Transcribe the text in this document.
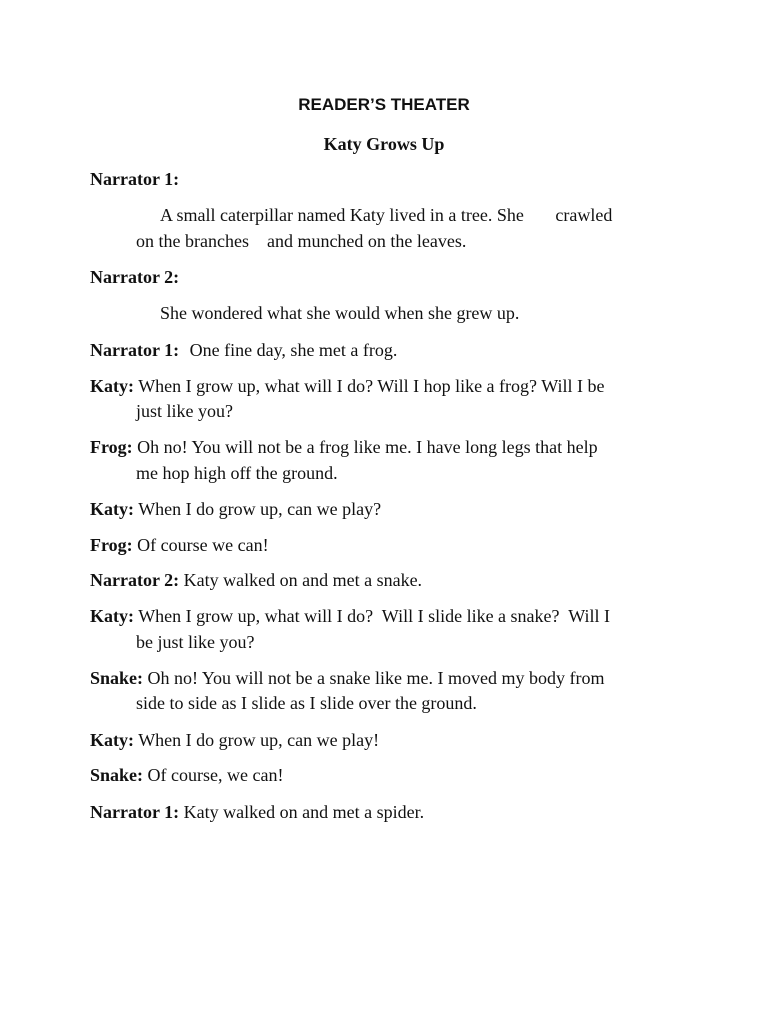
READER’S THEATER
Katy Grows Up
Narrator 1:
A small caterpillar named Katy lived in a tree. She       crawled
on the branches    and munched on the leaves.
Narrator 2:
She wondered what she would when she grew up.
Narrator 1: One fine day, she met a frog.
Katy: When I grow up, what will I do? Will I hop like a frog? Will I be
just like you?
Frog: Oh no! You will not be a frog like me. I have long legs that help
me hop high off the ground.
Katy: When I do grow up, can we play?
Frog: Of course we can!
Narrator 2: Katy walked on and met a snake.
Katy: When I grow up, what will I do?  Will I slide like a snake?  Will I
be just like you?
Snake: Oh no! You will not be a snake like me. I moved my body from
side to side as I slide as I slide over the ground.
Katy: When I do grow up, can we play!
Snake: Of course, we can!
Narrator 1: Katy walked on and met a spider.
